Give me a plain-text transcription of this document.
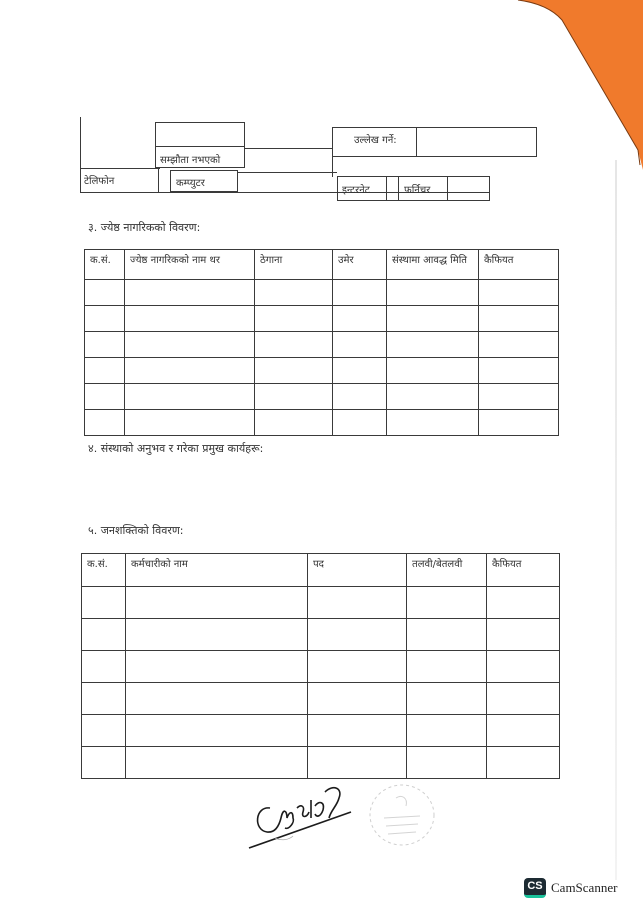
सम्झौता नभएको
उल्लेख गर्ने:
टेलिफोन	कम्प्युटर
इन्टरनेट	फर्निचर
३. ज्येष्ठ नागरिकको विवरण:
क.सं.	ज्येष्ठ नागरिकको नाम थर	ठेगाना	उमेर	संस्थामा आवद्ध मिति	कैफियत

४. संस्थाको अनुभव र गरेका प्रमुख कार्यहरू:
५. जनशक्तिको विवरण:
क.सं.	कर्मचारीको नाम	पद	तलवी/बेतलवी	कैफियत

CS CamScanner
